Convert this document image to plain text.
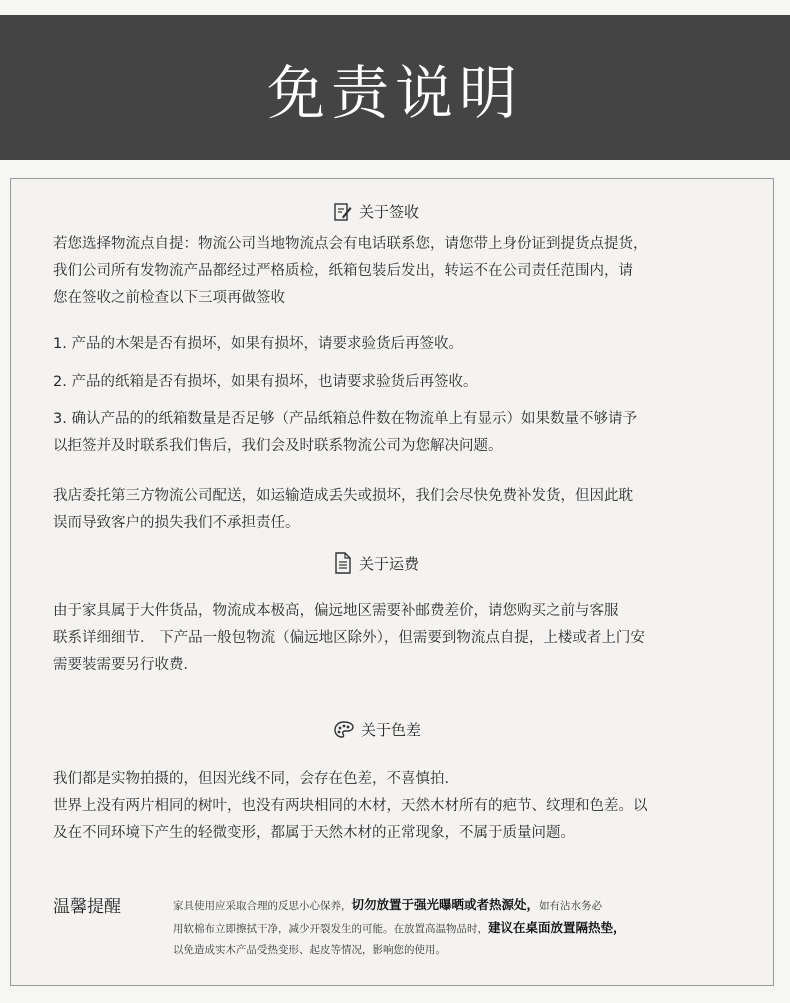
免责说明
关于签收
若您选择物流点自提：物流公司当地物流点会有电话联系您，请您带上身份证到提货点提货，
我们公司所有发物流产品都经过严格质检，纸箱包装后发出，转运不在公司责任范围内，请
您在签收之前检查以下三项再做签收
1. 产品的木架是否有损坏，如果有损坏，请要求验货后再签收。
2. 产品的纸箱是否有损坏，如果有损坏，也请要求验货后再签收。
3. 确认产品的的纸箱数量是否足够（产品纸箱总件数在物流单上有显示）如果数量不够请予
以拒签并及时联系我们售后，我们会及时联系物流公司为您解决问题。
我店委托第三方物流公司配送，如运输造成丢失或损坏，我们会尽快免费补发货，但因此耽
误而导致客户的损失我们不承担责任。
关于运费
由于家具属于大件货品，物流成本极高，偏远地区需要补邮费差价，请您购买之前与客服
联系详细细节． 下产品一般包物流（偏远地区除外），但需要到物流点自提，上楼或者上门安
需要装需要另行收费．
关于色差
我们都是实物拍摄的，但因光线不同，会存在色差，不喜慎拍．
世界上没有两片相同的树叶，也没有两块相同的木材，天然木材所有的疤节、纹理和色差。以
及在不同环境下产生的轻微变形，都属于天然木材的正常现象，不属于质量问题。
温馨提醒	家具使用应采取合理的反思小心保养，切勿放置于强光曝晒或者热源处，如有沾水务必
用软棉布立即擦拭干净，减少开裂发生的可能。在放置高温物品时，建议在桌面放置隔热垫，
以免造成实木产品受热变形、起皮等情况，影响您的使用。
